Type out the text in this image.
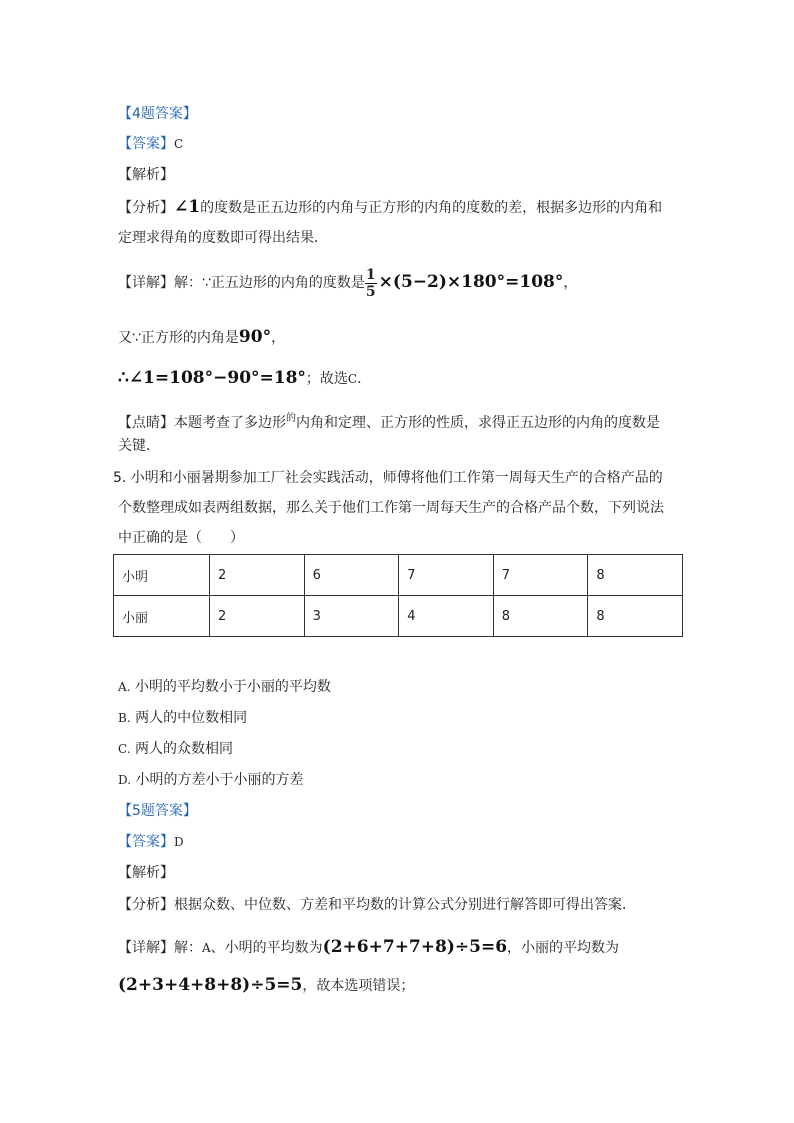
【4题答案】
【答案】C
【解析】
【分析】∠1的度数是正五边形的内角与正方形的内角的度数的差，根据多边形的内角和
定理求得角的度数即可得出结果．
【详解】解：∵正五边形的内角的度数是 $\frac{1}{5} \times(5-2)\times 180^\circ=108^\circ$，
又∵正方形的内角是90°，
∴∠1=108°−90°=18°；故选C．
【点睛】本题考查了多边形$^的$内角和定理、正方形的性质，求得正五边形的内角的度数是
关键．
5. 小明和小丽暑期参加工厂社会实践活动，师傅将他们工作第一周每天生产的合格产品的
个数整理成如表两组数据，那么关于他们工作第一周每天生产的合格产品个数，下列说法
中正确的是（　　）
小明	2	6	7	7	8
小丽	2	3	4	8	8
A. 小明的平均数小于小丽的平均数
B. 两人的中位数相同
C. 两人的众数相同
D. 小明的方差小于小丽的方差
【5题答案】
【答案】D
【解析】
【分析】根据众数、中位数、方差和平均数的计算公式分别进行解答即可得出答案．
【详解】解：A、小明的平均数为(2+6+7+7+8)÷5=6，小丽的平均数为
(2+3+4+8+8)÷5=5，故本选项错误；
